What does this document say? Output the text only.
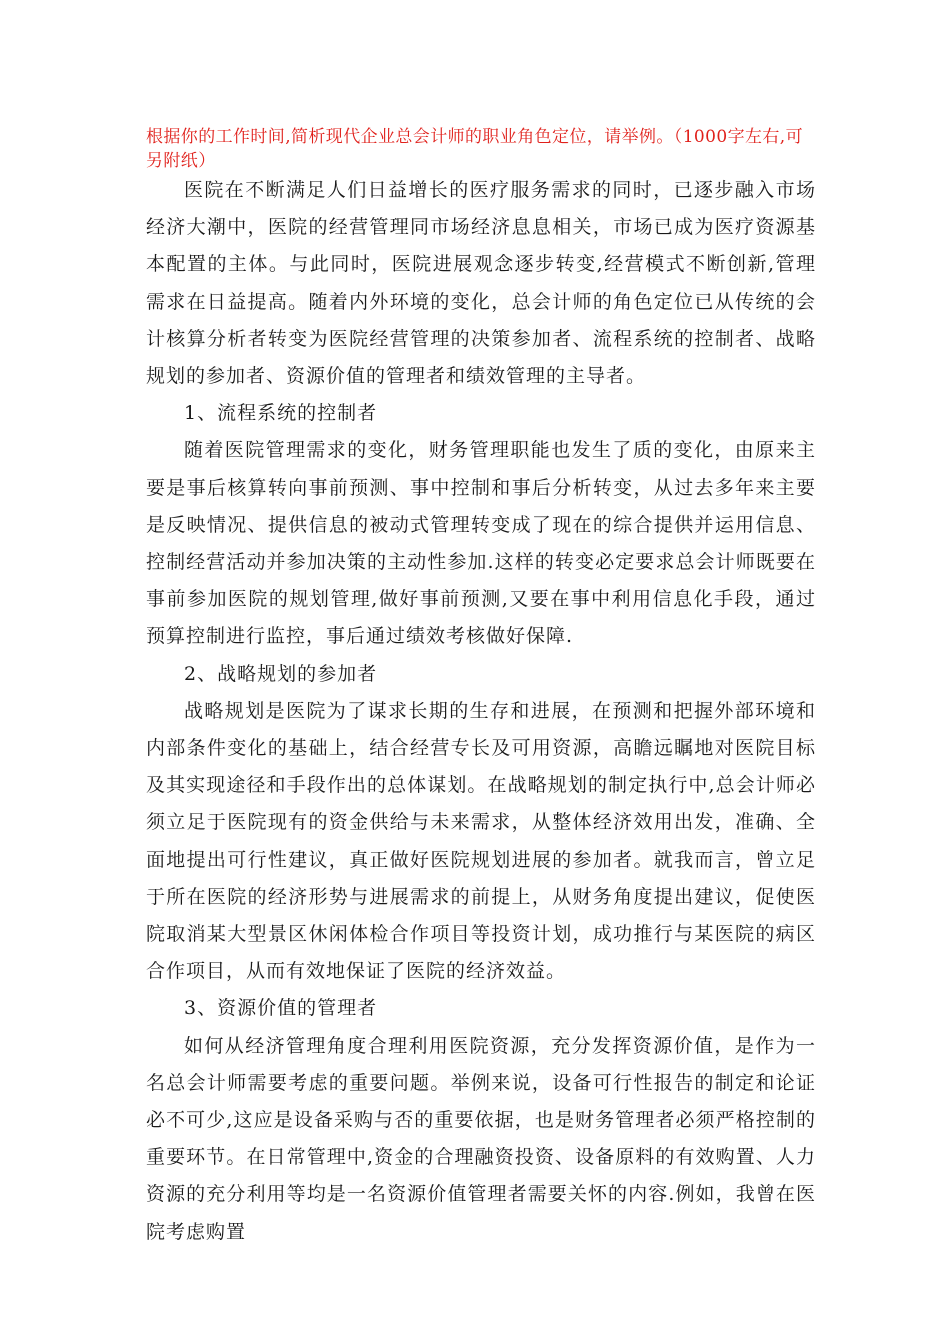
根据你的工作时间,简析现代企业总会计师的职业角色定位，请举例。（1000字左右,可另附纸）

医院在不断满足人们日益增长的医疗服务需求的同时，已逐步融入市场经济大潮中，医院的经营管理同市场经济息息相关，市场已成为医疗资源基本配置的主体。与此同时，医院进展观念逐步转变,经营模式不断创新,管理需求在日益提高。随着内外环境的变化，总会计师的角色定位已从传统的会计核算分析者转变为医院经营管理的决策参加者、流程系统的控制者、战略规划的参加者、资源价值的管理者和绩效管理的主导者。

1、流程系统的控制者

随着医院管理需求的变化，财务管理职能也发生了质的变化，由原来主要是事后核算转向事前预测、事中控制和事后分析转变，从过去多年来主要是反映情况、提供信息的被动式管理转变成了现在的综合提供并运用信息、控制经营活动并参加决策的主动性参加.这样的转变必定要求总会计师既要在事前参加医院的规划管理,做好事前预测,又要在事中利用信息化手段，通过预算控制进行监控，事后通过绩效考核做好保障.

2、战略规划的参加者

战略规划是医院为了谋求长期的生存和进展，在预测和把握外部环境和内部条件变化的基础上，结合经营专长及可用资源，高瞻远瞩地对医院目标及其实现途径和手段作出的总体谋划。在战略规划的制定执行中,总会计师必须立足于医院现有的资金供给与未来需求，从整体经济效用出发，准确、全面地提出可行性建议，真正做好医院规划进展的参加者。就我而言，曾立足于所在医院的经济形势与进展需求的前提上，从财务角度提出建议，促使医院取消某大型景区休闲体检合作项目等投资计划，成功推行与某医院的病区合作项目，从而有效地保证了医院的经济效益。

3、资源价值的管理者

如何从经济管理角度合理利用医院资源，充分发挥资源价值，是作为一名总会计师需要考虑的重要问题。举例来说，设备可行性报告的制定和论证必不可少,这应是设备采购与否的重要依据，也是财务管理者必须严格控制的重要环节。在日常管理中,资金的合理融资投资、设备原料的有效购置、人力资源的充分利用等均是一名资源价值管理者需要关怀的内容.例如，我曾在医院考虑购置
